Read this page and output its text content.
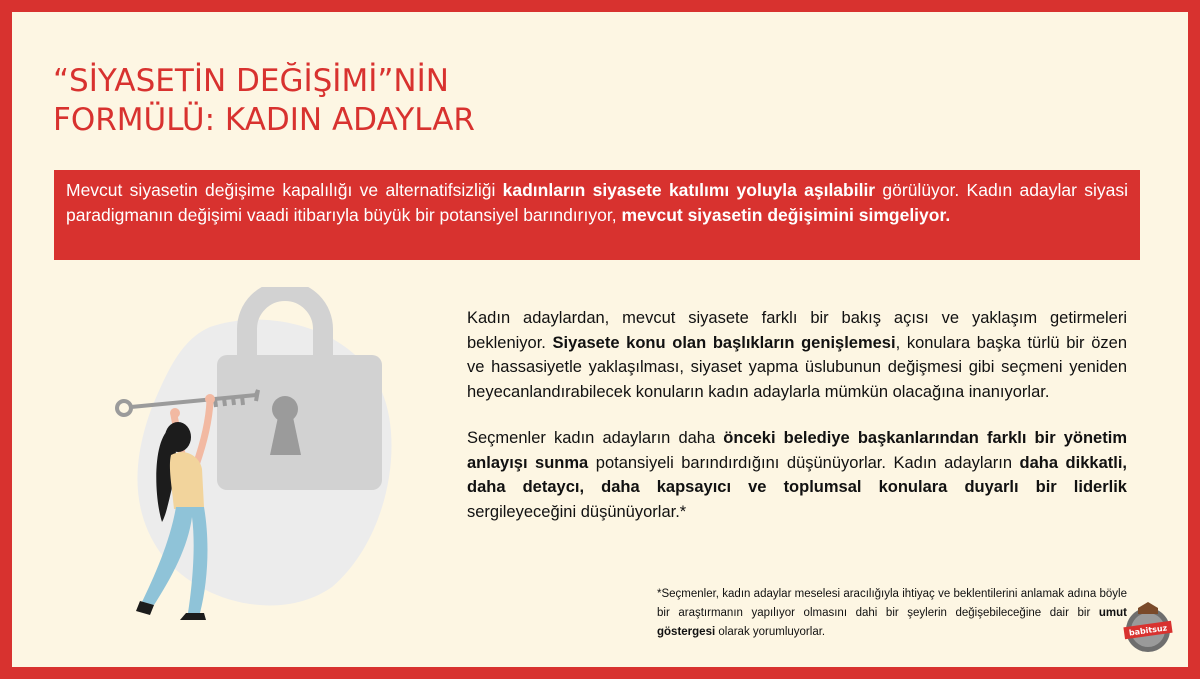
“SİYASETİN DEĞİŞİMİ”NİN
FORMÜLÜ: KADIN ADAYLAR
Mevcut siyasetin değişime kapalılığı ve alternatifsizliği kadınların siyasete katılımı yoluyla aşılabilir görülüyor. Kadın adaylar siyasi paradigmanın değişimi vaadi itibarıyla büyük bir potansiyel barındırıyor, mevcut siyasetin değişimini simgeliyor.

Kadın adaylardan, mevcut siyasete farklı bir bakış açısı ve yaklaşım getirmeleri bekleniyor. Siyasete konu olan başlıkların genişlemesi, konulara başka türlü bir özen ve hassasiyetle yaklaşılması, siyaset yapma üslubunun değişmesi gibi seçmeni yeniden heyecanlandırabilecek konuların kadın adaylarla mümkün olacağına inanıyorlar.

Seçmenler kadın adayların daha önceki belediye başkanlarından farklı bir yönetim anlayışı sunma potansiyeli barındırdığını düşünüyorlar. Kadın adayların daha dikkatli, daha detaycı, daha kapsayıcı ve toplumsal konulara duyarlı bir liderlik sergileyeceğini düşünüyorlar.*

*Seçmenler, kadın adaylar meselesi aracılığıyla ihtiyaç ve beklentilerini anlamak adına böyle bir araştırmanın yapılıyor olmasını dahi bir şeylerin değişebileceğine dair bir umut göstergesi olarak yorumluyorlar.	babitsuz
